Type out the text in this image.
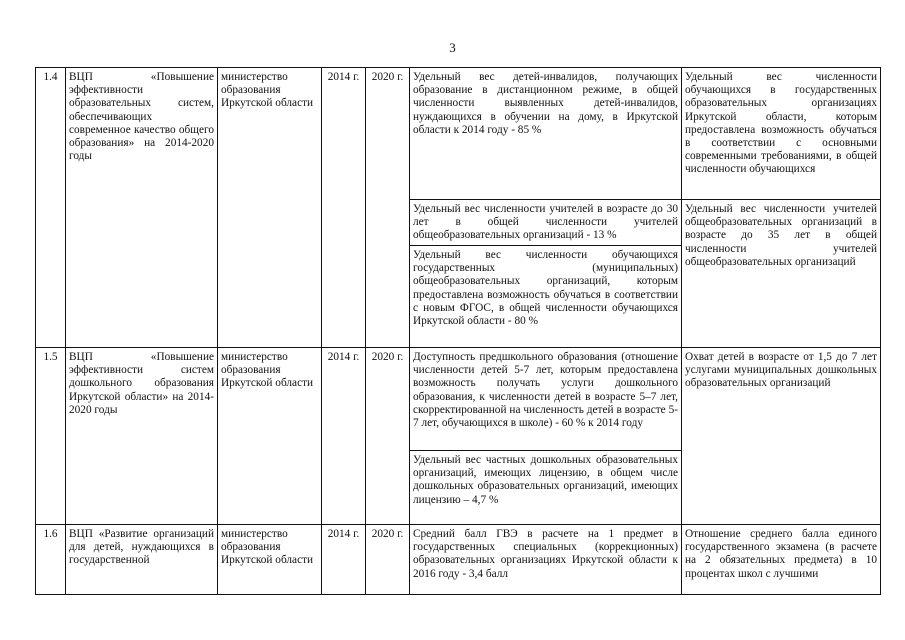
3
1.4	ВЦП «Повышение эффективности образовательных систем, обеспечивающих современное качество общего образования» на 2014-2020 годы	министерство образования Иркутской области	2014 г.	2020 г.	Удельный вес детей-инвалидов, получающих образование в дистанционном режиме, в общей численности выявленных детей-инвалидов, нуждающихся в обучении на дому, в Иркутской области к 2014 году - 85 %	Удельный вес численности обучающихся в государственных образовательных организациях Иркутской области, которым предоставлена возможность обучаться в соответствии с основными современными требованиями, в общей численности обучающихся
					Удельный вес численности учителей в возрасте до 30 лет в общей численности учителей общеобразовательных организаций - 13 %	Удельный вес численности учителей общеобразовательных организаций в возрасте до 35 лет в общей численности учителей общеобразовательных организаций
					Удельный вес численности обучающихся государственных (муниципальных) общеобразовательных организаций, которым предоставлена возможность обучаться в соответствии с новым ФГОС, в общей численности обучающихся Иркутской области - 80 %	
1.5	ВЦП «Повышение эффективности систем дошкольного образования Иркутской области» на 2014-2020 годы	министерство образования Иркутской области	2014 г.	2020 г.	Доступность предшкольного образования (отношение численности детей 5-7 лет, которым предоставлена возможность получать услуги дошкольного образования, к численности детей в возрасте 5–7 лет, скорректированной на численность детей в возрасте 5-7 лет, обучающихся в школе) - 60 % к 2014 году	Охват детей в возрасте от 1,5 до 7 лет услугами муниципальных дошкольных образовательных организаций
					Удельный вес частных дошкольных образовательных организаций, имеющих лицензию, в общем числе дошкольных образовательных организаций, имеющих лицензию – 4,7 %	
1.6	ВЦП «Развитие организаций для детей, нуждающихся в государственной	министерство образования Иркутской области	2014 г.	2020 г.	Средний балл ГВЭ в расчете на 1 предмет в государственных специальных (коррекционных) образовательных организациях Иркутской области к 2016 году - 3,4 балл	Отношение среднего балла единого государственного экзамена (в расчете на 2 обязательных предмета) в 10 процентах школ с лучшими
